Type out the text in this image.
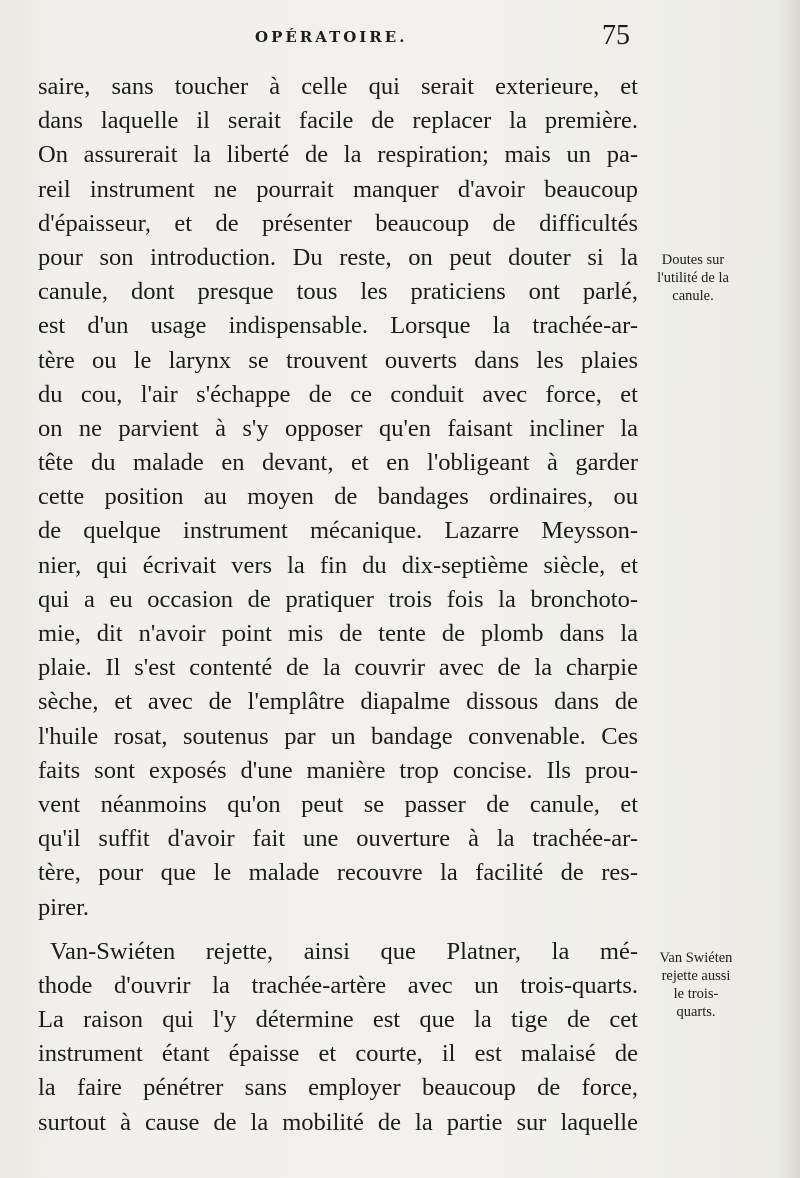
OPÉRATOIRE.	75
saire, sans toucher à celle qui serait exterieure, et
dans laquelle il serait facile de replacer la première.
On assurerait la liberté de la respiration; mais un pa-
reil instrument ne pourrait manquer d'avoir beaucoup
d'épaisseur, et de présenter beaucoup de difficultés
pour son introduction. Du reste, on peut douter si la
canule, dont presque tous les praticiens ont parlé,
est d'un usage indispensable. Lorsque la trachée-ar-
tère ou le larynx se trouvent ouverts dans les plaies
du cou, l'air s'échappe de ce conduit avec force, et
on ne parvient à s'y opposer qu'en faisant incliner la
tête du malade en devant, et en l'obligeant à garder
cette position au moyen de bandages ordinaires, ou
de quelque instrument mécanique. Lazarre Meysson-
nier, qui écrivait vers la fin du dix-septième siècle, et
qui a eu occasion de pratiquer trois fois la bronchoto-
mie, dit n'avoir point mis de tente de plomb dans la
plaie. Il s'est contenté de la couvrir avec de la charpie
sèche, et avec de l'emplâtre diapalme dissous dans de
l'huile rosat, soutenus par un bandage convenable. Ces
faits sont exposés d'une manière trop concise. Ils prou-
vent néanmoins qu'on peut se passer de canule, et
qu'il suffit d'avoir fait une ouverture à la trachée-ar-
tère, pour que le malade recouvre la facilité de res-
pirer.
Van-Swiéten rejette, ainsi que Platner, la mé-
thode d'ouvrir la trachée-artère avec un trois-quarts.
La raison qui l'y détermine est que la tige de cet
instrument étant épaisse et courte, il est malaisé de
la faire pénétrer sans employer beaucoup de force,
surtout à cause de la mobilité de la partie sur laquelle
Doutes sur
l'utilité de la
canule.
Van Swiéten
rejette aussi
le trois-
quarts.
